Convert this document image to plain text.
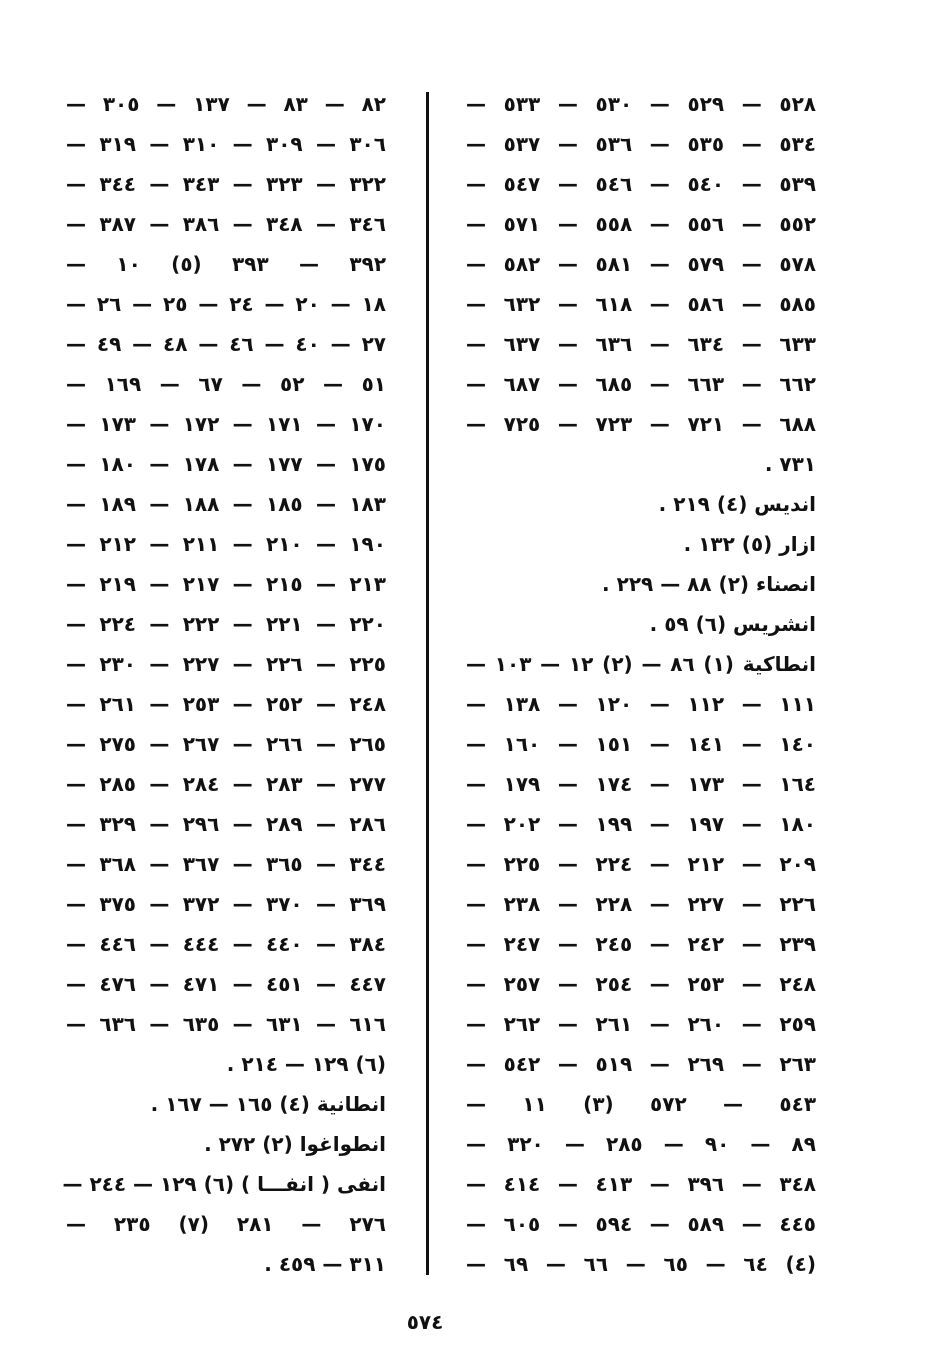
٥٢٨ — ٥٢٩ — ٥٣٠ — ٥٣٣ —
٥٣٤ — ٥٣٥ — ٥٣٦ — ٥٣٧ —
٥٣٩ — ٥٤٠ — ٥٤٦ — ٥٤٧ —
٥٥٢ — ٥٥٦ — ٥٥٨ — ٥٧١ —
٥٧٨ — ٥٧٩ — ٥٨١ — ٥٨٢ —
٥٨٥ — ٥٨٦ — ٦١٨ — ٦٣٢ —
٦٣٣ — ٦٣٤ — ٦٣٦ — ٦٣٧ —
٦٦٢ — ٦٦٣ — ٦٨٥ — ٦٨٧ —
٦٨٨ — ٧٢١ — ٧٢٣ — ٧٢٥ —
٧٣١ .
انديس (٤) ٢١٩ .
ازار (٥) ١٣٢ .
انصناء (٢) ٨٨ — ٢٢٩ .
انشريس (٦) ٥٩ .
انطاكية (١) ٨٦ — (٢) ١٢ — ١٠٣ —
١١١ — ١١٢ — ١٢٠ — ١٣٨ —
١٤٠ — ١٤١ — ١٥١ — ١٦٠ —
١٦٤ — ١٧٣ — ١٧٤ — ١٧٩ —
١٨٠ — ١٩٧ — ١٩٩ — ٢٠٢ —
٢٠٩ — ٢١٢ — ٢٢٤ — ٢٢٥ —
٢٢٦ — ٢٢٧ — ٢٢٨ — ٢٣٨ —
٢٣٩ — ٢٤٢ — ٢٤٥ — ٢٤٧ —
٢٤٨ — ٢٥٣ — ٢٥٤ — ٢٥٧ —
٢٥٩ — ٢٦٠ — ٢٦١ — ٢٦٢ —
٢٦٣ — ٢٦٩ — ٥١٩ — ٥٤٢ —
٥٤٣ — ٥٧٢ (٣) ١١ —
٨٩ — ٩٠ — ٢٨٥ — ٣٢٠ —
٣٤٨ — ٣٩٦ — ٤١٣ — ٤١٤ —
٤٤٥ — ٥٨٩ — ٥٩٤ — ٦٠٥ —
(٤) ٦٤ — ٦٥ — ٦٦ — ٦٩ —
٨٢ — ٨٣ — ١٣٧ — ٣٠٥ —
٣٠٦ — ٣٠٩ — ٣١٠ — ٣١٩ —
٣٢٢ — ٣٢٣ — ٣٤٣ — ٣٤٤ —
٣٤٦ — ٣٤٨ — ٣٨٦ — ٣٨٧ —
٣٩٢ — ٣٩٣ (٥) ١٠ —
١٨ — ٢٠ — ٢٤ — ٢٥ — ٢٦ —
٢٧ — ٤٠ — ٤٦ — ٤٨ — ٤٩ —
٥١ — ٥٢ — ٦٧ — ١٦٩ —
١٧٠ — ١٧١ — ١٧٢ — ١٧٣ —
١٧٥ — ١٧٧ — ١٧٨ — ١٨٠ —
١٨٣ — ١٨٥ — ١٨٨ — ١٨٩ —
١٩٠ — ٢١٠ — ٢١١ — ٢١٢ —
٢١٣ — ٢١٥ — ٢١٧ — ٢١٩ —
٢٢٠ — ٢٢١ — ٢٢٢ — ٢٢٤ —
٢٢٥ — ٢٢٦ — ٢٢٧ — ٢٣٠ —
٢٤٨ — ٢٥٢ — ٢٥٣ — ٢٦١ —
٢٦٥ — ٢٦٦ — ٢٦٧ — ٢٧٥ —
٢٧٧ — ٢٨٣ — ٢٨٤ — ٢٨٥ —
٢٨٦ — ٢٨٩ — ٢٩٦ — ٣٢٩ —
٣٤٤ — ٣٦٥ — ٣٦٧ — ٣٦٨ —
٣٦٩ — ٣٧٠ — ٣٧٢ — ٣٧٥ —
٣٨٤ — ٤٤٠ — ٤٤٤ — ٤٤٦ —
٤٤٧ — ٤٥١ — ٤٧١ — ٤٧٦ —
٦١٦ — ٦٣١ — ٦٣٥ — ٦٣٦ —
(٦) ١٢٩ — ٢١٤ .
انطانية (٤) ١٦٥ — ١٦٧ .
انطواغوا (٢) ٢٧٢ .
انفى ( انفـــا ) (٦) ١٢٩ — ٢٤٤ —
٢٧٦ — ٢٨١ (٧) ٢٣٥ —
٣١١ — ٤٥٩ .
٥٧٤
